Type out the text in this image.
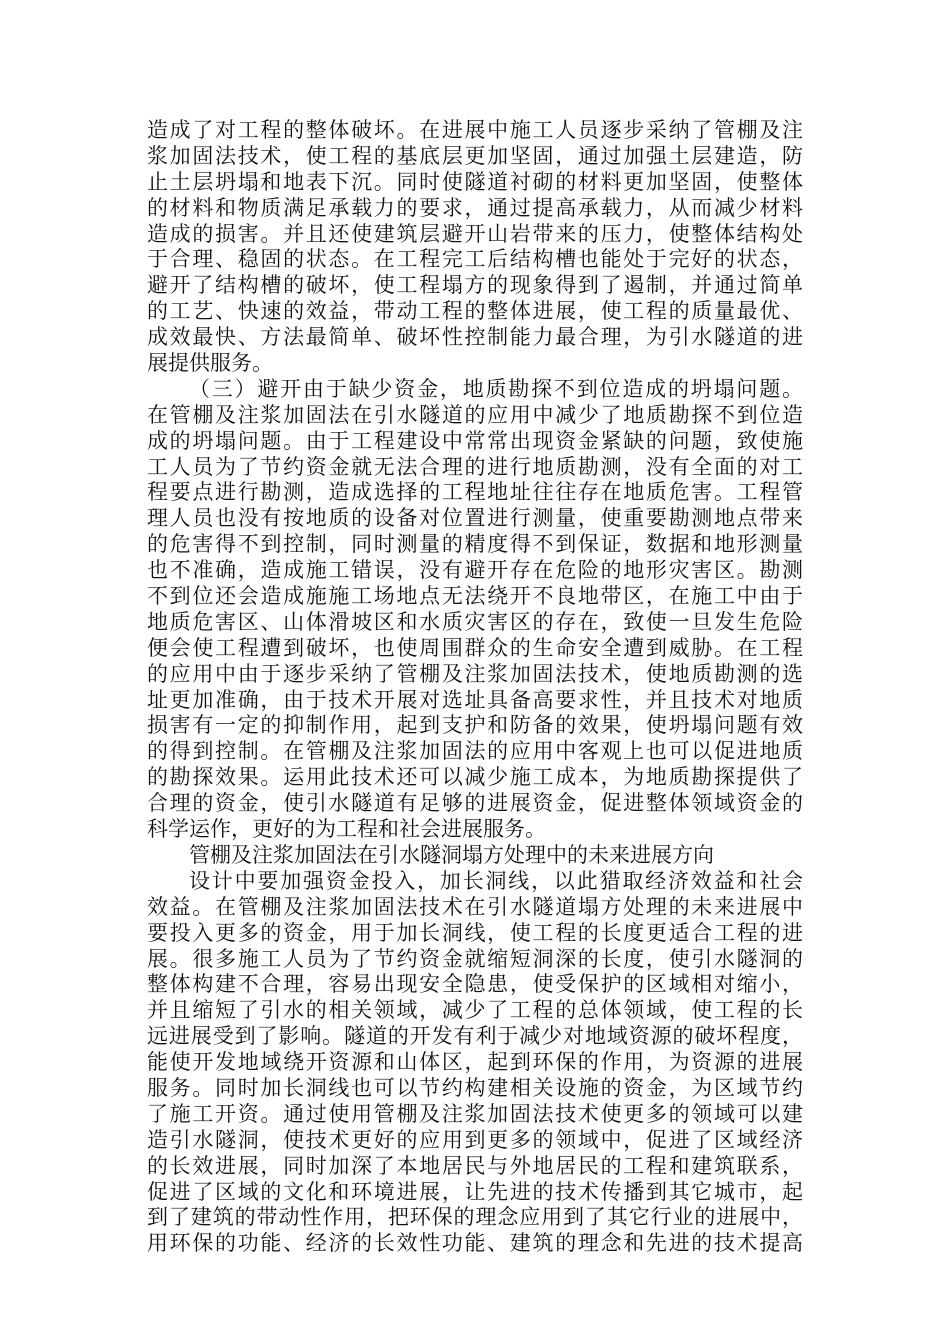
造成了对工程的整体破坏。在进展中施工人员逐步采纳了管棚及注
浆加固法技术，使工程的基底层更加坚固，通过加强土层建造，防
止土层坍塌和地表下沉。同时使隧道衬砌的材料更加坚固，使整体
的材料和物质满足承载力的要求，通过提高承载力，从而减少材料
造成的损害。并且还使建筑层避开山岩带来的压力，使整体结构处
于合理、稳固的状态。在工程完工后结构槽也能处于完好的状态，
避开了结构槽的破坏，使工程塌方的现象得到了遏制，并通过简单
的工艺、快速的效益，带动工程的整体进展，使工程的质量最优、
成效最快、方法最简单、破坏性控制能力最合理，为引水隧道的进
展提供服务。
（三）避开由于缺少资金，地质勘探不到位造成的坍塌问题。
在管棚及注浆加固法在引水隧道的应用中减少了地质勘探不到位造
成的坍塌问题。由于工程建设中常常出现资金紧缺的问题，致使施
工人员为了节约资金就无法合理的进行地质勘测，没有全面的对工
程要点进行勘测，造成选择的工程地址往往存在地质危害。工程管
理人员也没有按地质的设备对位置进行测量，使重要勘测地点带来
的危害得不到控制，同时测量的精度得不到保证，数据和地形测量
也不准确，造成施工错误，没有避开存在危险的地形灾害区。勘测
不到位还会造成施施工场地点无法绕开不良地带区，在施工中由于
地质危害区、山体滑坡区和水质灾害区的存在，致使一旦发生危险
便会使工程遭到破坏，也使周围群众的生命安全遭到威胁。在工程
的应用中由于逐步采纳了管棚及注浆加固法技术，使地质勘测的选
址更加准确，由于技术开展对选址具备高要求性，并且技术对地质
损害有一定的抑制作用，起到支护和防备的效果，使坍塌问题有效
的得到控制。在管棚及注浆加固法的应用中客观上也可以促进地质
的勘探效果。运用此技术还可以减少施工成本，为地质勘探提供了
合理的资金，使引水隧道有足够的进展资金，促进整体领域资金的
科学运作，更好的为工程和社会进展服务。
管棚及注浆加固法在引水隧洞塌方处理中的未来进展方向
设计中要加强资金投入，加长洞线，以此猎取经济效益和社会
效益。在管棚及注浆加固法技术在引水隧道塌方处理的未来进展中
要投入更多的资金，用于加长洞线，使工程的长度更适合工程的进
展。很多施工人员为了节约资金就缩短洞深的长度，使引水隧洞的
整体构建不合理，容易出现安全隐患，使受保护的区域相对缩小，
并且缩短了引水的相关领域，减少了工程的总体领域，使工程的长
远进展受到了影响。隧道的开发有利于减少对地域资源的破坏程度，
能使开发地域绕开资源和山体区，起到环保的作用，为资源的进展
服务。同时加长洞线也可以节约构建相关设施的资金，为区域节约
了施工开资。通过使用管棚及注浆加固法技术使更多的领域可以建
造引水隧洞，使技术更好的应用到更多的领域中，促进了区域经济
的长效进展，同时加深了本地居民与外地居民的工程和建筑联系，
促进了区域的文化和环境进展，让先进的技术传播到其它城市，起
到了建筑的带动性作用，把环保的理念应用到了其它行业的进展中，
用环保的功能、经济的长效性功能、建筑的理念和先进的技术提高
